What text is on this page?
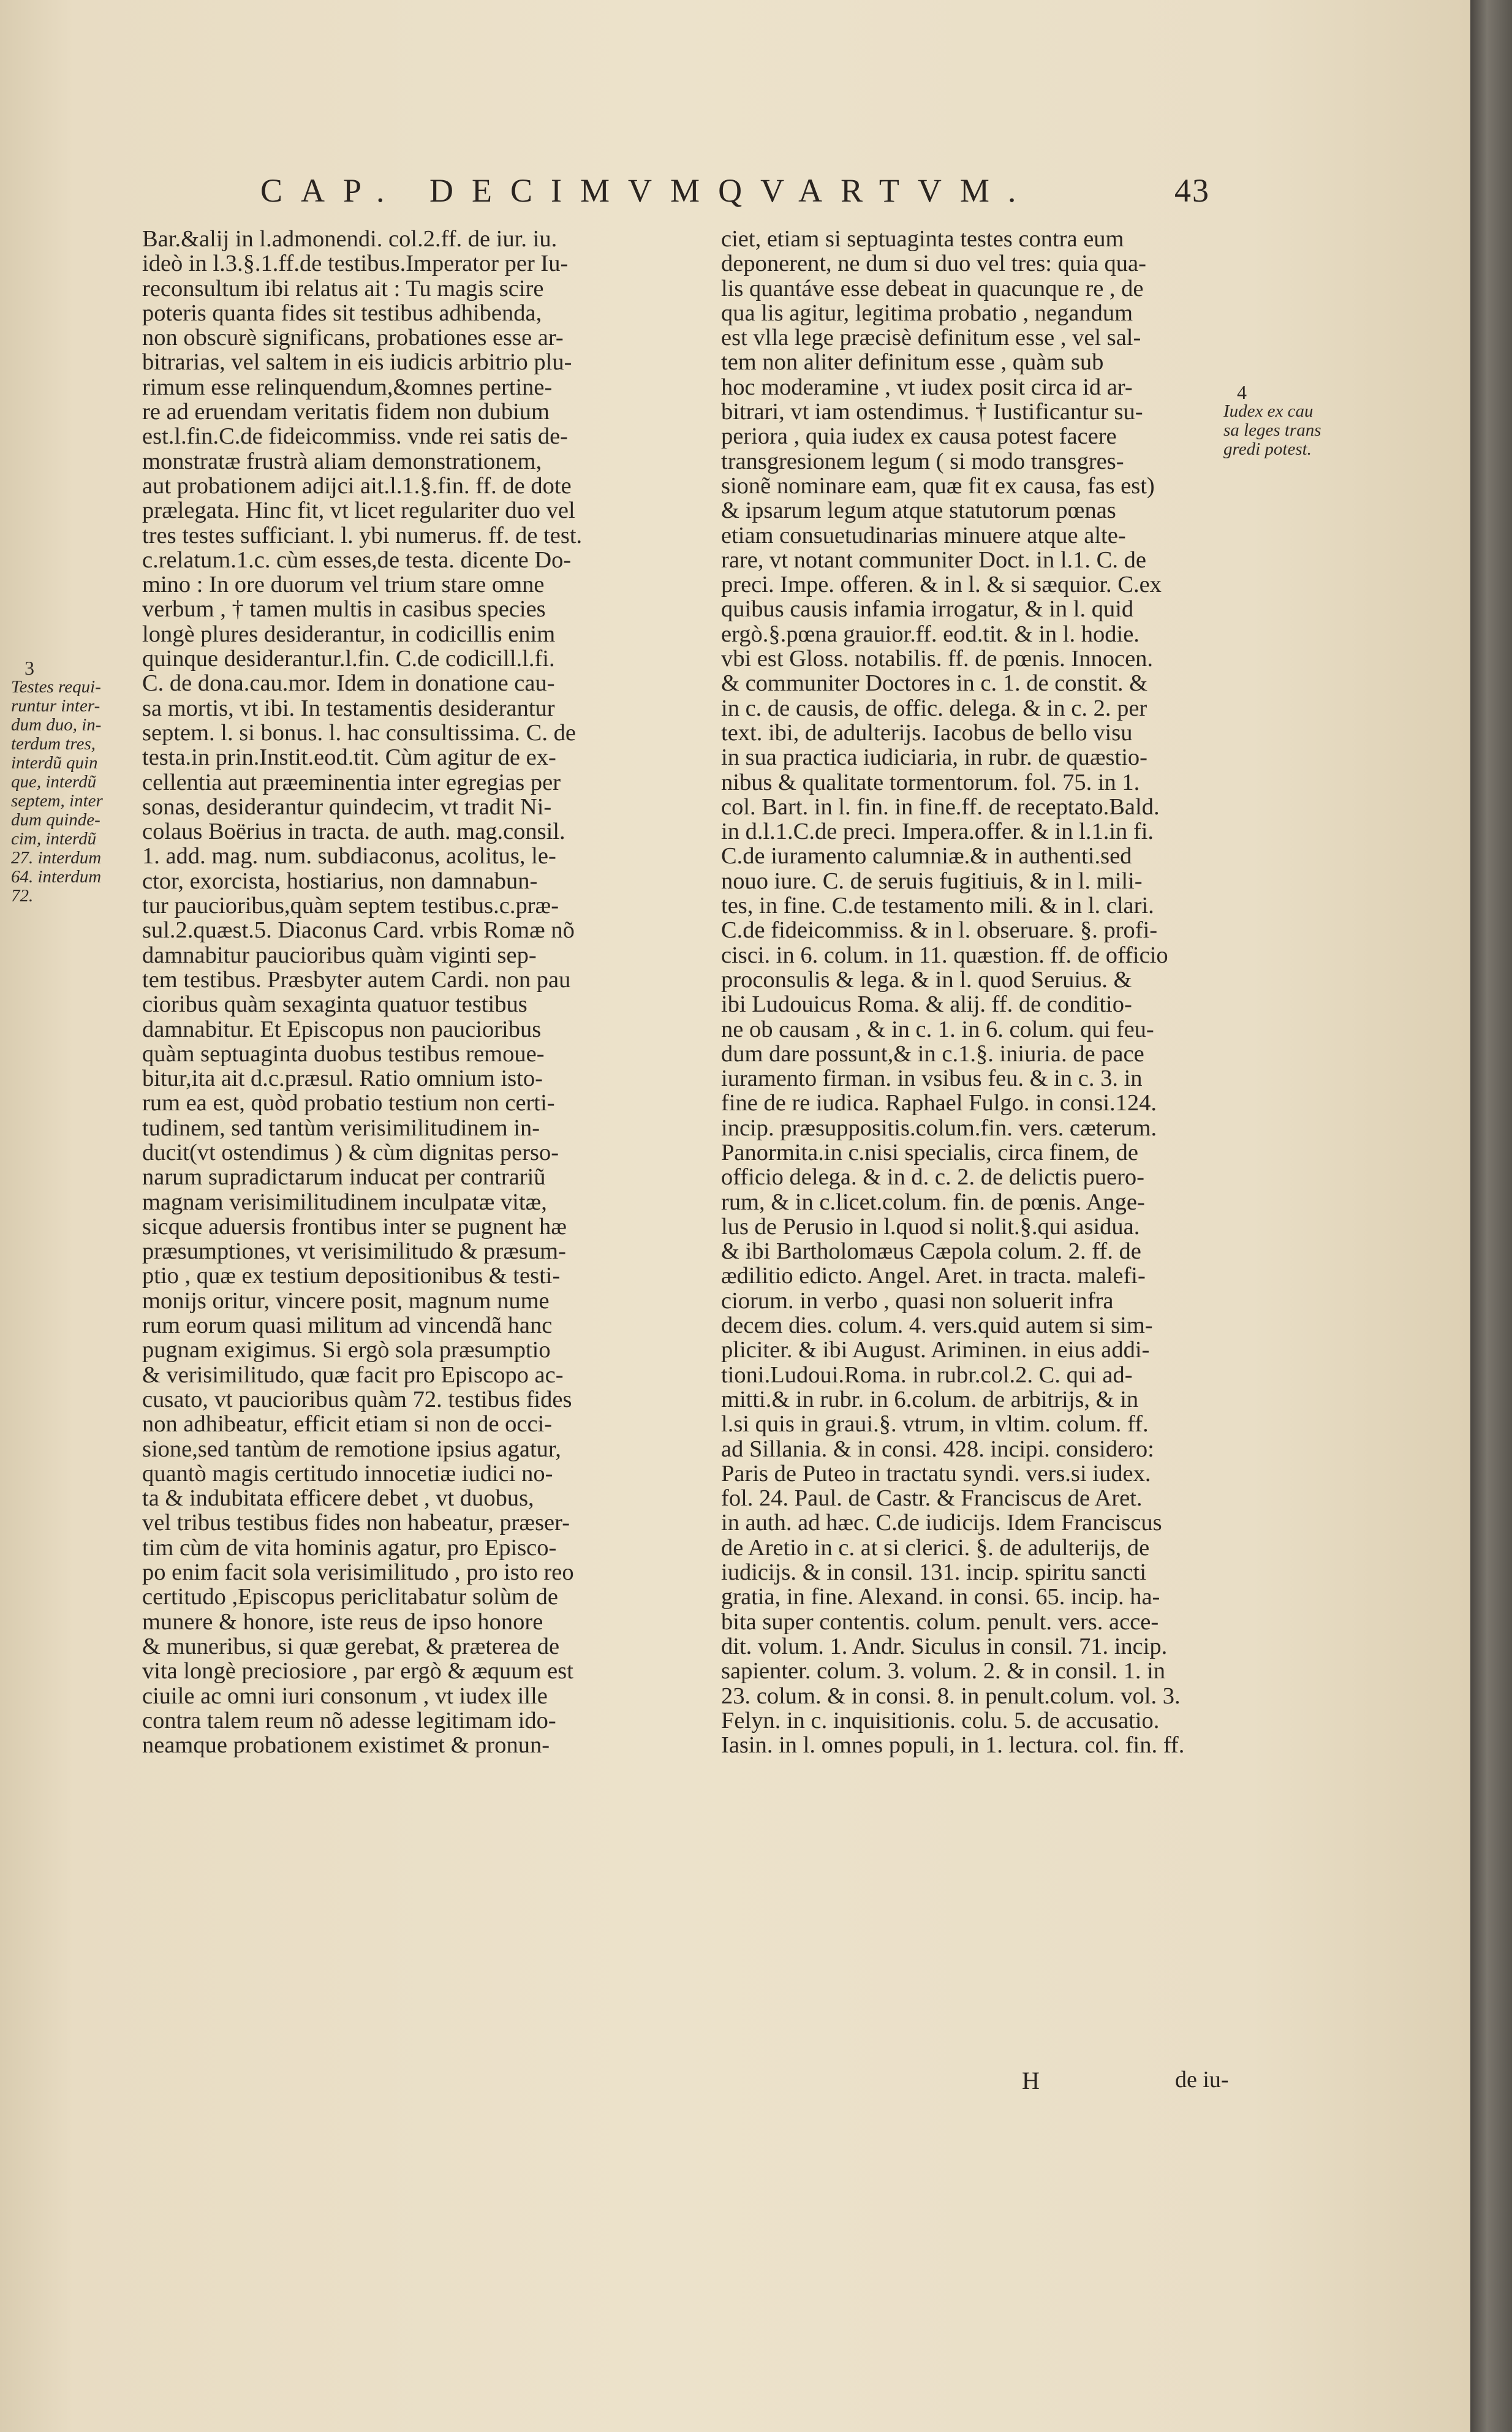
CAP. DECIMVMQVARTVM.	43
Bar.&alij in l.admonendi. col.2.ff. de iur. iu.
ideò in l.3.§.1.ff.de testibus.Imperator per Iu-
reconsultum ibi relatus ait : Tu magis scire
poteris quanta fides sit testibus adhibenda,
non obscurè significans, probationes esse ar-
bitrarias, vel saltem in eis iudicis arbitrio plu-
rimum esse relinquendum,&omnes pertine-
re ad eruendam veritatis fidem non dubium
est.l.fin.C.de fideicommiss. vnde rei satis de-
monstratæ frustrà aliam demonstrationem,
aut probationem adijci ait.l.1.§.fin. ff. de dote
prælegata. Hinc fit, vt licet regulariter duo vel
tres testes sufficiant. l. ybi numerus. ff. de test.
c.relatum.1.c. cùm esses,de testa. dicente Do-
mino : In ore duorum vel trium stare omne
verbum , † tamen multis in casibus species
longè plures desiderantur, in codicillis enim
quinque desiderantur.l.fin. C.de codicill.l.fi.
C. de dona.cau.mor. Idem in donatione cau-
sa mortis, vt ibi. In testamentis desiderantur
septem. l. si bonus. l. hac consultissima. C. de
testa.in prin.Instit.eod.tit. Cùm agitur de ex-
cellentia aut præeminentia inter egregias per
sonas, desiderantur quindecim, vt tradit Ni-
colaus Boërius in tracta. de auth. mag.consil.
1. add. mag. num. subdiaconus, acolitus, le-
ctor, exorcista, hostiarius, non damnabun-
tur paucioribus,quàm septem testibus.c.præ-
sul.2.quæst.5. Diaconus Card. vrbis Romæ nõ
damnabitur paucioribus quàm viginti sep-
tem testibus. Præsbyter autem Cardi. non pau
cioribus quàm sexaginta quatuor testibus
damnabitur. Et Episcopus non paucioribus
quàm septuaginta duobus testibus remoue-
bitur,ita ait d.c.præsul. Ratio omnium isto-
rum ea est, quòd probatio testium non certi-
tudinem, sed tantùm verisimilitudinem in-
ducit(vt ostendimus ) & cùm dignitas perso-
narum supradictarum inducat per contrariũ
magnam verisimilitudinem inculpatæ vitæ,
sicque aduersis frontibus inter se pugnent hæ
præsumptiones, vt verisimilitudo & præsum-
ptio , quæ ex testium depositionibus & testi-
monijs oritur, vincere posit, magnum nume
rum eorum quasi militum ad vincendã hanc
pugnam exigimus. Si ergò sola præsumptio
& verisimilitudo, quæ facit pro Episcopo ac-
cusato, vt paucioribus quàm 72. testibus fides
non adhibeatur, efficit etiam si non de occi-
sione,sed tantùm de remotione ipsius agatur,
quantò magis certitudo innocetiæ iudici no-
ta & indubitata efficere debet , vt duobus,
vel tribus testibus fides non habeatur, præser-
tim cùm de vita hominis agatur, pro Episco-
po enim facit sola verisimilitudo , pro isto reo
certitudo ,Episcopus periclitabatur solùm de
munere & honore, iste reus de ipso honore
& muneribus, si quæ gerebat, & præterea de
vita longè preciosiore , par ergò & æquum est
ciuile ac omni iuri consonum , vt iudex ille
contra talem reum nõ adesse legitimam ido-
neamque probationem existimet & pronun-
ciet, etiam si septuaginta testes contra eum
deponerent, ne dum si duo vel tres: quia qua-
lis quantáve esse debeat in quacunque re , de
qua lis agitur, legitima probatio , negandum
est vlla lege præcisè definitum esse , vel sal-
tem non aliter definitum esse , quàm sub
hoc moderamine , vt iudex posit circa id ar-
bitrari, vt iam ostendimus. † Iustificantur su-
periora , quia iudex ex causa potest facere
transgresionem legum ( si modo transgres-
sionẽ nominare eam, quæ fit ex causa, fas est)
& ipsarum legum atque statutorum pœnas
etiam consuetudinarias minuere atque alte-
rare, vt notant communiter Doct. in l.1. C. de
preci. Impe. offeren. & in l. & si sæquior. C.ex
quibus causis infamia irrogatur, & in l. quid
ergò.§.pœna grauior.ff. eod.tit. & in l. hodie.
vbi est Gloss. notabilis. ff. de pœnis. Innocen.
& communiter Doctores in c. 1. de constit. &
in c. de causis, de offic. delega. & in c. 2. per
text. ibi, de adulterijs. Iacobus de bello visu
in sua practica iudiciaria, in rubr. de quæstio-
nibus & qualitate tormentorum. fol. 75. in 1.
col. Bart. in l. fin. in fine.ff. de receptato.Bald.
in d.l.1.C.de preci. Impera.offer. & in l.1.in fi.
C.de iuramento calumniæ.& in authenti.sed
nouo iure. C. de seruis fugitiuis, & in l. mili-
tes, in fine. C.de testamento mili. & in l. clari.
C.de fideicommiss. & in l. obseruare. §. profi-
cisci. in 6. colum. in 11. quæstion. ff. de officio
proconsulis & lega. & in l. quod Seruius. &
ibi Ludouicus Roma. & alij. ff. de conditio-
ne ob causam , & in c. 1. in 6. colum. qui feu-
dum dare possunt,& in c.1.§. iniuria. de pace
iuramento firman. in vsibus feu. & in c. 3. in
fine de re iudica. Raphael Fulgo. in consi.124.
incip. præsuppositis.colum.fin. vers. cæterum.
Panormita.in c.nisi specialis, circa finem, de
officio delega. & in d. c. 2. de delictis puero-
rum, & in c.licet.colum. fin. de pœnis. Ange-
lus de Perusio in l.quod si nolit.§.qui asidua.
& ibi Bartholomæus Cæpola colum. 2. ff. de
ædilitio edicto. Angel. Aret. in tracta. malefi-
ciorum. in verbo , quasi non soluerit infra
decem dies. colum. 4. vers.quid autem si sim-
pliciter. & ibi August. Ariminen. in eius addi-
tioni.Ludoui.Roma. in rubr.col.2. C. qui ad-
mitti.& in rubr. in 6.colum. de arbitrijs, & in
l.si quis in graui.§. vtrum, in vltim. colum. ff.
ad Sillania. & in consi. 428. incipi. considero:
Paris de Puteo in tractatu syndi. vers.si iudex.
fol. 24. Paul. de Castr. & Franciscus de Aret.
in auth. ad hæc. C.de iudicijs. Idem Franciscus
de Aretio in c. at si clerici. §. de adulterijs, de
iudicijs. & in consil. 131. incip. spiritu sancti
gratia, in fine. Alexand. in consi. 65. incip. ha-
bita super contentis. colum. penult. vers. acce-
dit. volum. 1. Andr. Siculus in consil. 71. incip.
sapienter. colum. 3. volum. 2. & in consil. 1. in
23. colum. & in consi. 8. in penult.colum. vol. 3.
Felyn. in c. inquisitionis. colu. 5. de accusatio.
Iasin. in l. omnes populi, in 1. lectura. col. fin. ff.
3
Testes requi-
runtur inter-
dum duo, in-
terdum tres,
interdũ quin
que, interdũ
septem, inter
dum quinde-
cim, interdũ
27. interdum
64. interdum
72.
4
Iudex ex cau
sa leges trans
gredi potest.
H	de iu-
